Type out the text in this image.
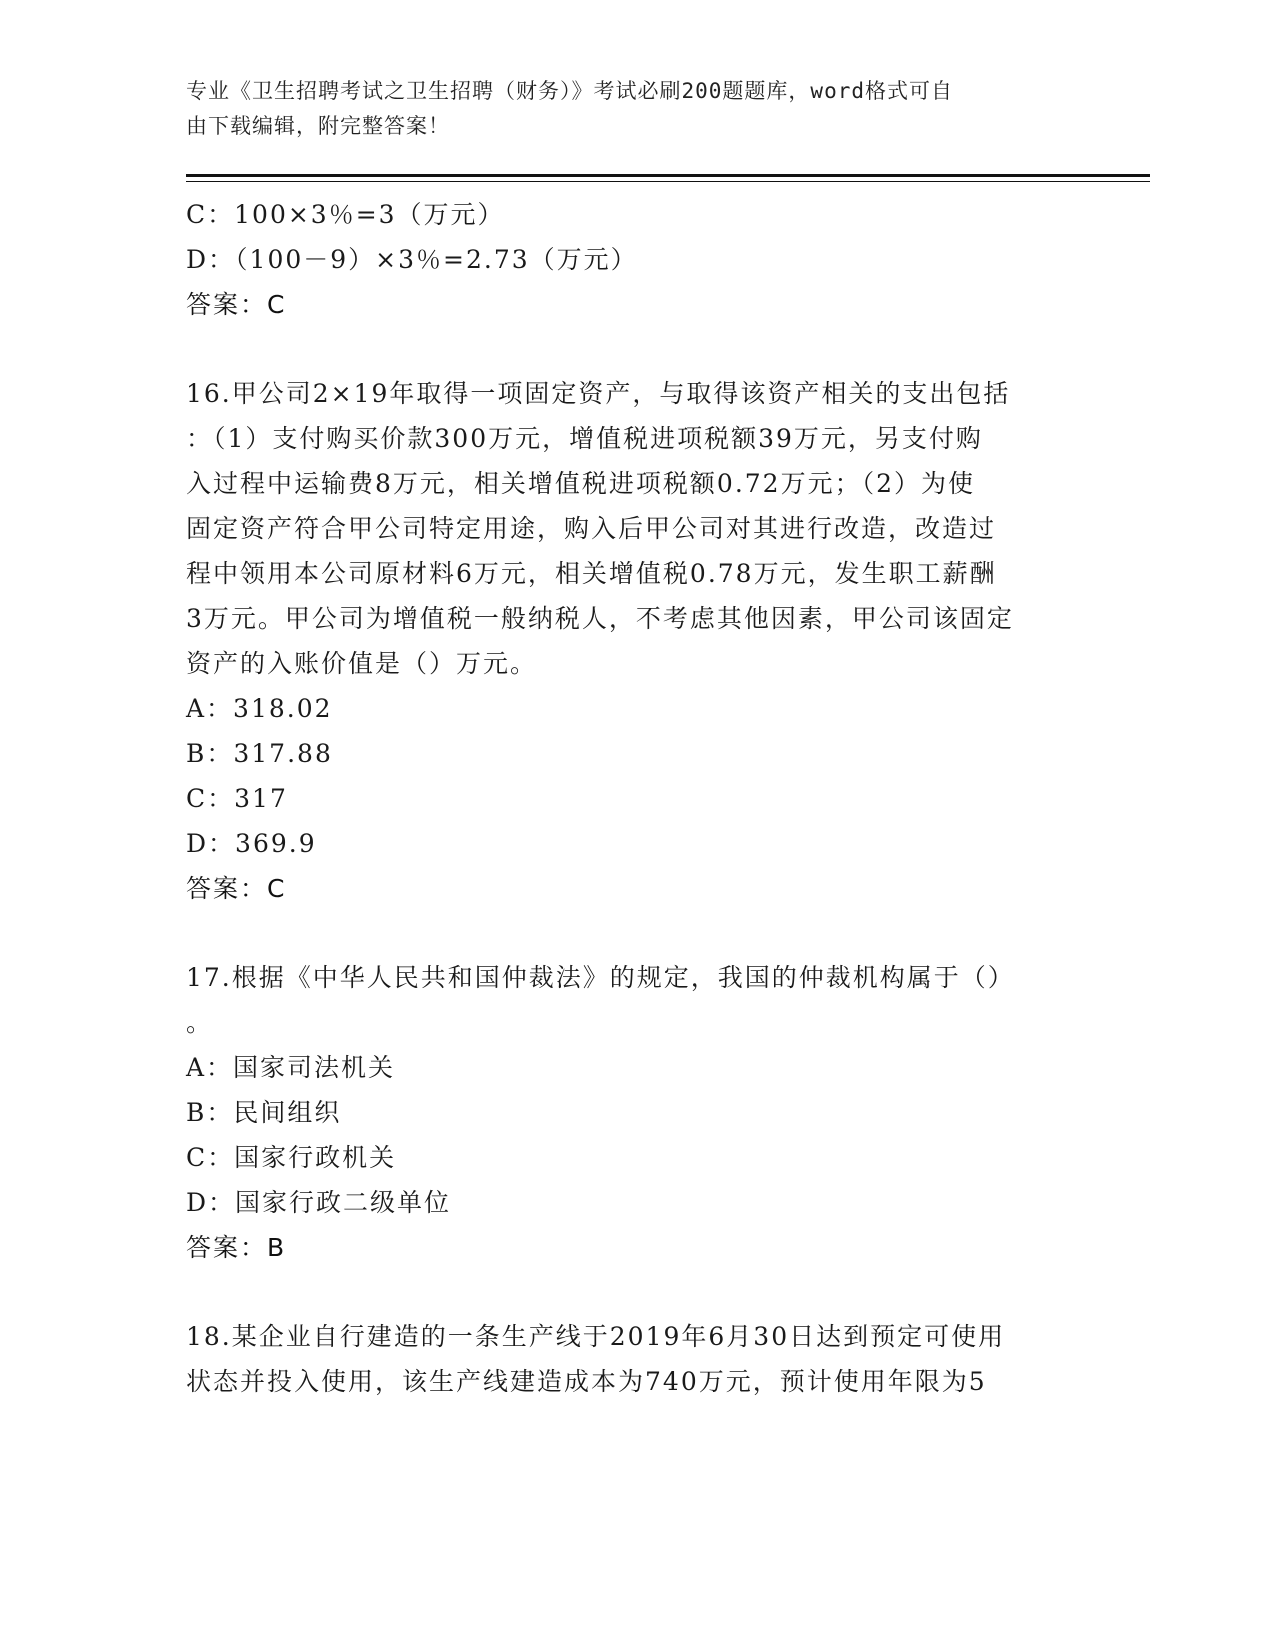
专业《卫生招聘考试之卫生招聘（财务）》考试必刷200题题库，word格式可自
由下载编辑，附完整答案！
C：100×3％=3（万元）
D：（100－9）×3％=2.73（万元）
答案：C
16.甲公司2×19年取得一项固定资产，与取得该资产相关的支出包括
：（1）支付购买价款300万元，增值税进项税额39万元，另支付购
入过程中运输费8万元，相关增值税进项税额0.72万元；（2）为使
固定资产符合甲公司特定用途，购入后甲公司对其进行改造，改造过
程中领用本公司原材料6万元，相关增值税0.78万元，发生职工薪酬
3万元。甲公司为增值税一般纳税人，不考虑其他因素，甲公司该固定
资产的入账价值是（）万元。
A：318.02
B：317.88
C：317
D：369.9
答案：C
17.根据《中华人民共和国仲裁法》的规定，我国的仲裁机构属于（）
。
A：国家司法机关
B：民间组织
C：国家行政机关
D：国家行政二级单位
答案：B
18.某企业自行建造的一条生产线于2019年6月30日达到预定可使用
状态并投入使用，该生产线建造成本为740万元，预计使用年限为5
